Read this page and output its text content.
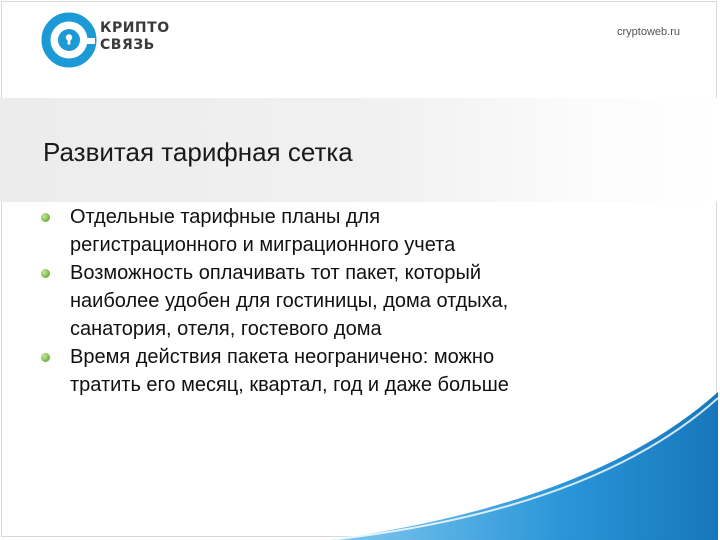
КРИПТО
СВЯЗЬ
cryptoweb.ru
Развитая тарифная сетка
Отдельные тарифные планы для
регистрационного и миграционного учета
Возможность оплачивать тот пакет, который
наиболее удобен для гостиницы, дома отдыха,
санатория, отеля, гостевого дома
Время действия пакета неограничено: можно
тратить его месяц, квартал, год и даже больше
